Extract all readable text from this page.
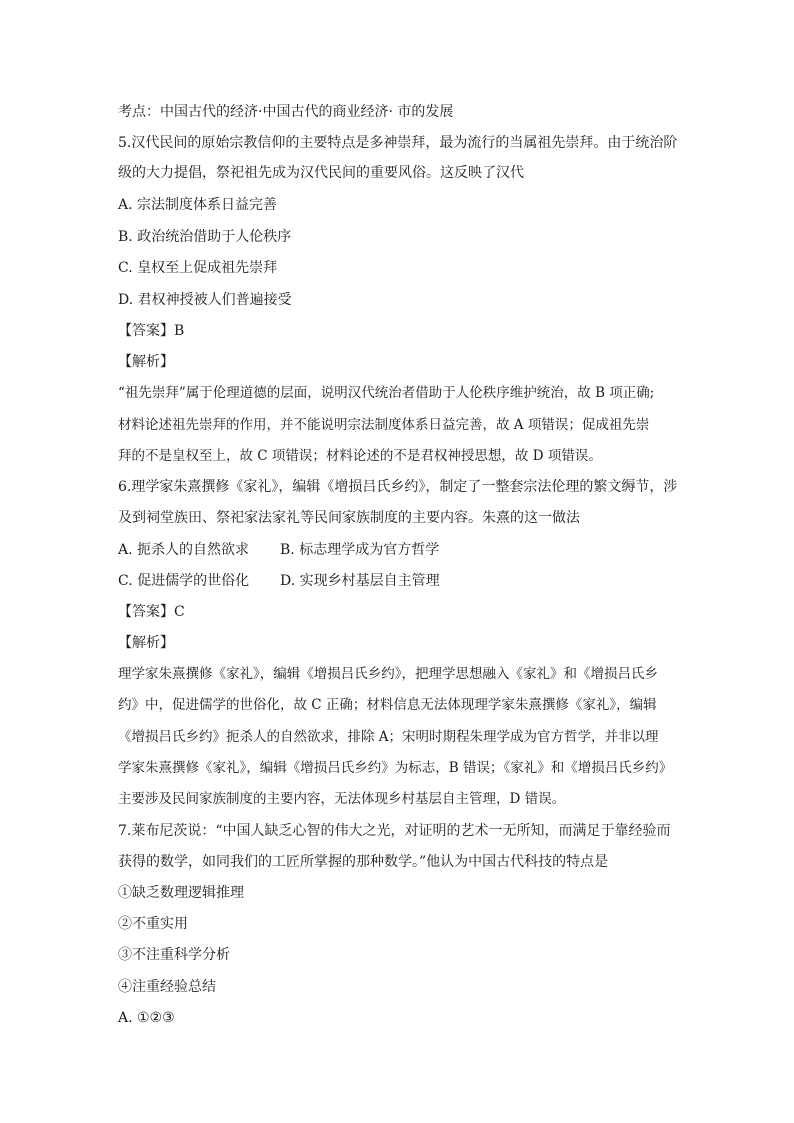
考点：中国古代的经济·中国古代的商业经济· 市的发展
5.汉代民间的原始宗教信仰的主要特点是多神崇拜，最为流行的当属祖先崇拜。由于统治阶
级的大力提倡，祭祀祖先成为汉代民间的重要风俗。这反映了汉代
A. 宗法制度体系日益完善
B. 政治统治借助于人伦秩序
C. 皇权至上促成祖先崇拜
D. 君权神授被人们普遍接受
【答案】B
【解析】
“祖先崇拜”属于伦理道德的层面，说明汉代统治者借助于人伦秩序维护统治，故 B 项正确;
材料论述祖先崇拜的作用，并不能说明宗法制度体系日益完善，故 A 项错误；促成祖先崇
拜的不是皇权至上，故 C 项错误；材料论述的不是君权神授思想，故 D 项错误。
6.理学家朱熹撰修《家礼》，编辑《增损吕氏乡约》，制定了一整套宗法伦理的繁文缛节，涉
及到祠堂族田、祭祀家法家礼等民间家族制度的主要内容。朱熹的这一做法
A. 扼杀人的自然欲求 B. 标志理学成为官方哲学
C. 促进儒学的世俗化 D. 实现乡村基层自主管理
【答案】C
【解析】
理学家朱熹撰修《家礼》，编辑《增损吕氏乡约》，把理学思想融入《家礼》和《增损吕氏乡
约》中，促进儒学的世俗化，故 C 正确；材料信息无法体现理学家朱熹撰修《家礼》，编辑
《增损吕氏乡约》扼杀人的自然欲求，排除 A；宋明时期程朱理学成为官方哲学，并非以理
学家朱熹撰修《家礼》，编辑《增损吕氏乡约》为标志，B 错误；《家礼》和《增损吕氏乡约》
主要涉及民间家族制度的主要内容，无法体现乡村基层自主管理，D 错误。
7.莱布尼茨说：“中国人缺乏心智的伟大之光，对证明的艺术一无所知，而满足于靠经验而
获得的数学，如同我们的工匠所掌握的那种数学。”他认为中国古代科技的特点是
①缺乏数理逻辑推理
②不重实用
③不注重科学分析
④注重经验总结
A. ①②③
